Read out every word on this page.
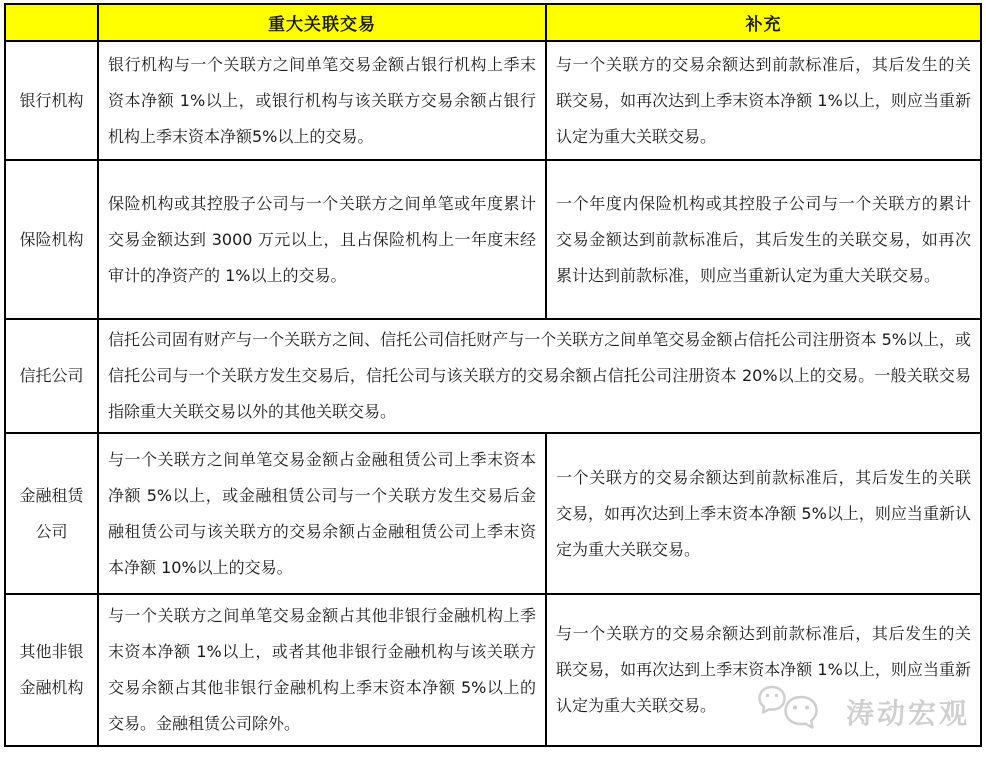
	重大关联交易	补充
银行机构	银行机构与一个关联方之间单笔交易金额占银行机构上季末资本净额 1%以上，或银行机构与该关联方交易余额占银行机构上季末资本净额5%以上的交易。	与一个关联方的交易余额达到前款标准后，其后发生的关联交易，如再次达到上季末资本净额 1%以上，则应当重新认定为重大关联交易。
保险机构	保险机构或其控股子公司与一个关联方之间单笔或年度累计交易金额达到 3000 万元以上，且占保险机构上一年度末经审计的净资产的 1%以上的交易。	一个年度内保险机构或其控股子公司与一个关联方的累计交易金额达到前款标准后，其后发生的关联交易，如再次累计达到前款标准，则应当重新认定为重大关联交易。
信托公司	信托公司固有财产与一个关联方之间、信托公司信托财产与一个关联方之间单笔交易金额占信托公司注册资本 5%以上，或信托公司与一个关联方发生交易后，信托公司与该关联方的交易余额占信托公司注册资本 20%以上的交易。一般关联交易指除重大关联交易以外的其他关联交易。	
金融租赁公司	与一个关联方之间单笔交易金额占金融租赁公司上季末资本净额 5%以上，或金融租赁公司与一个关联方发生交易后金融租赁公司与该关联方的交易余额占金融租赁公司上季末资本净额 10%以上的交易。	一个关联方的交易余额达到前款标准后，其后发生的关联交易，如再次达到上季末资本净额 5%以上，则应当重新认定为重大关联交易。
其他非银金融机构	与一个关联方之间单笔交易金额占其他非银行金融机构上季末资本净额 1%以上，或者其他非银行金融机构与该关联方交易余额占其他非银行金融机构上季末资本净额 5%以上的交易。金融租赁公司除外。	与一个关联方的交易余额达到前款标准后，其后发生的关联交易，如再次达到上季末资本净额 1%以上，则应当重新认定为重大关联交易。	涛动宏观
